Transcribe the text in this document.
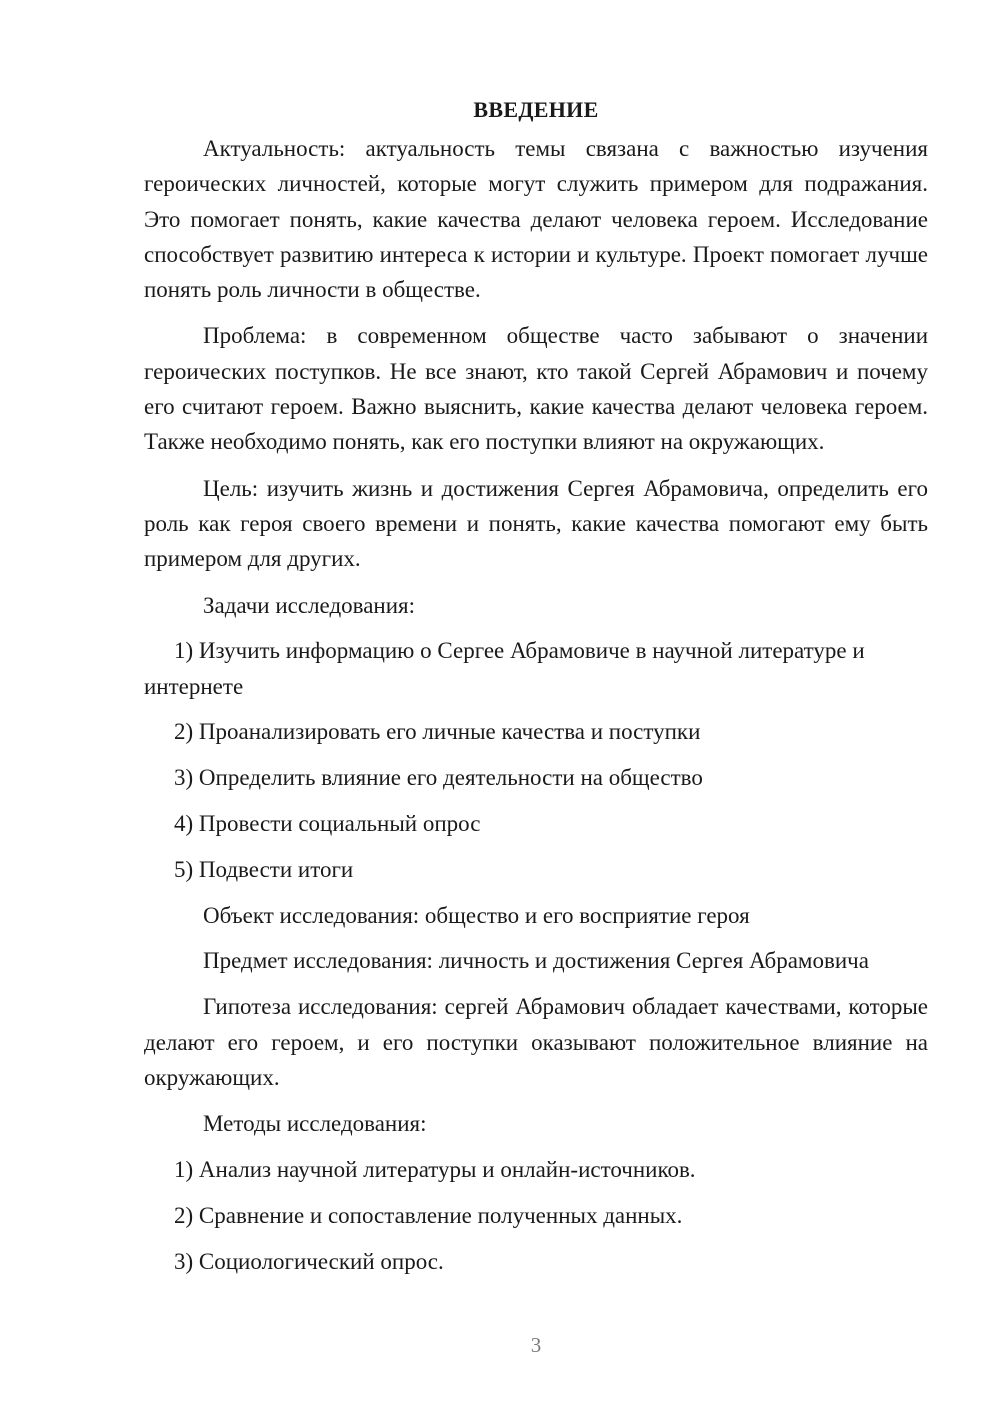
ВВЕДЕНИЕ

Актуальность: актуальность темы связана с важностью изучения героических личностей, которые могут служить примером для подражания. Это помогает понять, какие качества делают человека героем. Исследование способствует развитию интереса к истории и культуре. Проект помогает лучше понять роль личности в обществе.

Проблема: в современном обществе часто забывают о значении героических поступков. Не все знают, кто такой Сергей Абрамович и почему его считают героем. Важно выяснить, какие качества делают человека героем. Также необходимо понять, как его поступки влияют на окружающих.

Цель: изучить жизнь и достижения Сергея Абрамовича, определить его роль как героя своего времени и понять, какие качества помогают ему быть примером для других.

Задачи исследования:

1) Изучить информацию о Сергее Абрамовиче в научной литературе и интернете

2) Проанализировать его личные качества и поступки

3) Определить влияние его деятельности на общество

4) Провести социальный опрос

5) Подвести итоги

Объект исследования: общество и его восприятие героя

Предмет исследования: личность и достижения Сергея Абрамовича

Гипотеза исследования: сергей Абрамович обладает качествами, которые делают его героем, и его поступки оказывают положительное влияние на окружающих.

Методы исследования:

1) Анализ научной литературы и онлайн-источников.

2) Сравнение и сопоставление полученных данных.

3) Социологический опрос.

3
